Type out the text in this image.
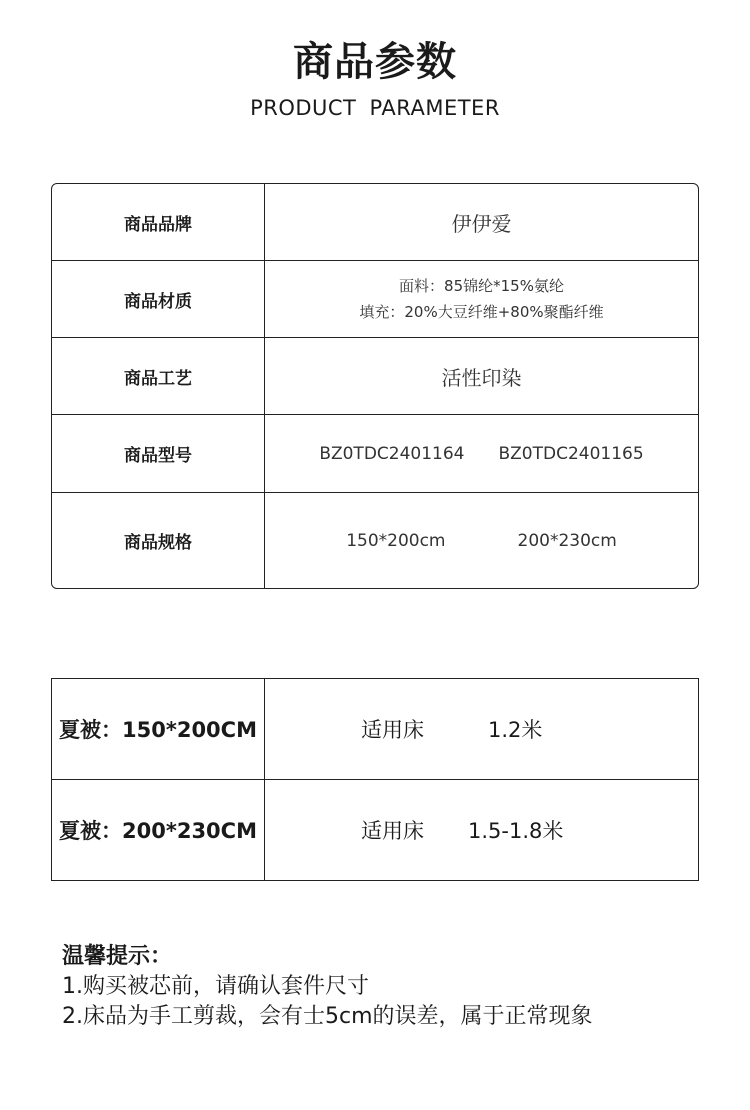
商品参数
PRODUCT PARAMETER
商品品牌	伊伊爱
商品材质	面料：85锦纶*15%氨纶
填充：20%大豆纤维+80%聚酯纤维

商品工艺	活性印染
商品型号	BZ0TDC2401164 BZ0TDC2401165
商品规格	150*200cm 200*230cm
夏被：150*200CM	适用床 1.2米
夏被：200*230CM	适用床 1.5-1.8米
温馨提示：
1.购买被芯前，请确认套件尺寸
2.床品为手工剪裁，会有士5cm的误差，属于正常现象
